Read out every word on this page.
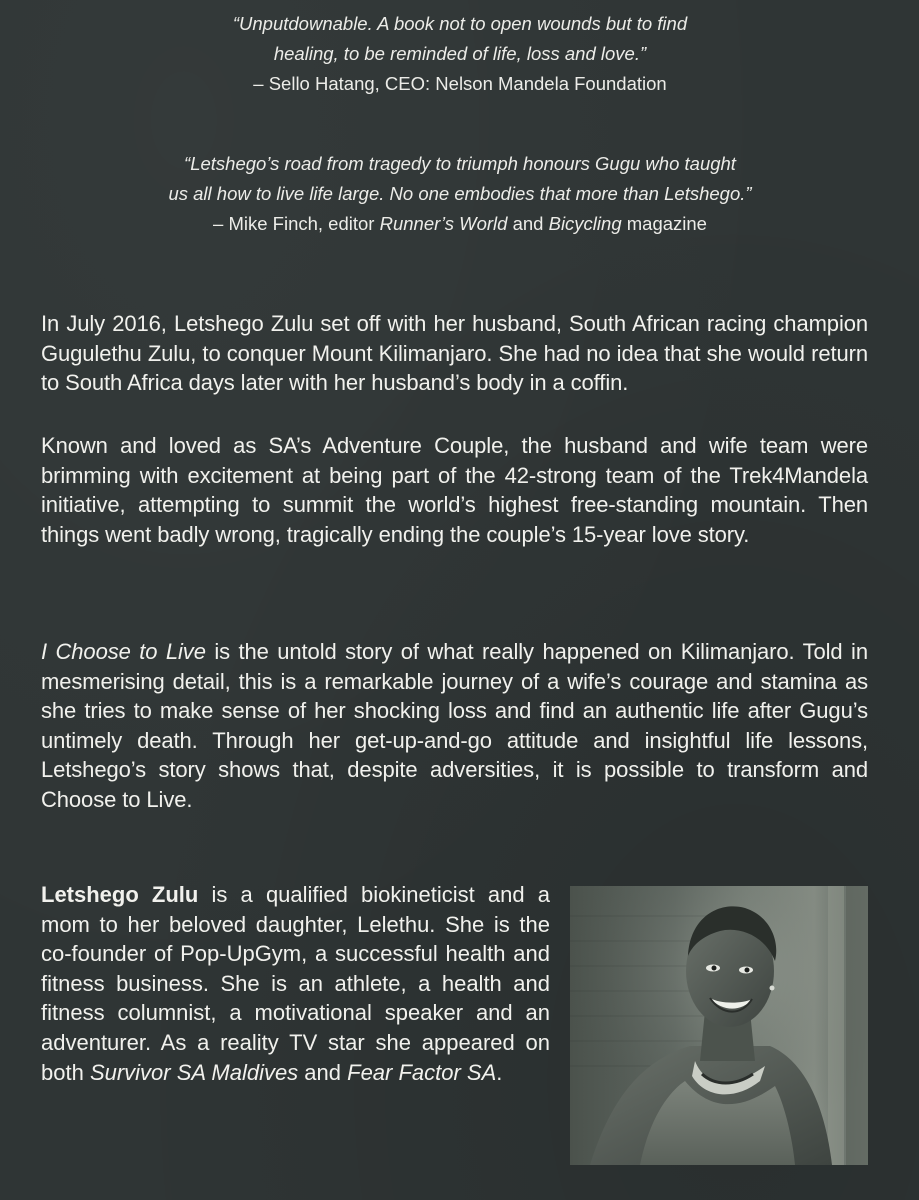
“Unputdownable. A book not to open wounds but to find
healing, to be reminded of life, loss and love.”
– Sello Hatang, CEO: Nelson Mandela Foundation
“Letshego’s road from tragedy to triumph honours Gugu who taught
us all how to live life large. No one embodies that more than Letshego.”
– Mike Finch, editor Runner’s World and Bicycling magazine

In July 2016, Letshego Zulu set off with her husband, South African racing champion Gugulethu Zulu, to conquer Mount Kilimanjaro. She had no idea that she would return to South Africa days later with her husband’s body in a coffin.

Known and loved as SA’s Adventure Couple, the husband and wife team were brimming with excitement at being part of the 42-strong team of the Trek4Mandela initiative, attempting to summit the world’s highest free-standing mountain. Then things went badly wrong, tragically ending the couple’s 15-year love story.

I Choose to Live is the untold story of what really happened on Kilimanjaro. Told in mesmerising detail, this is a remarkable journey of a wife’s courage and stamina as she tries to make sense of her shocking loss and find an authentic life after Gugu’s untimely death. Through her get-up-and-go attitude and insightful life lessons, Letshego’s story shows that, despite adversities, it is possible to transform and Choose to Live.

Letshego Zulu is a qualified biokineticist and a mom to her beloved daughter, Lelethu. She is the co-founder of Pop-UpGym, a successful health and fitness business. She is an athlete, a health and fitness columnist, a motivational speaker and an adventurer. As a reality TV star she appeared on both Survivor SA Maldives and Fear Factor SA.
